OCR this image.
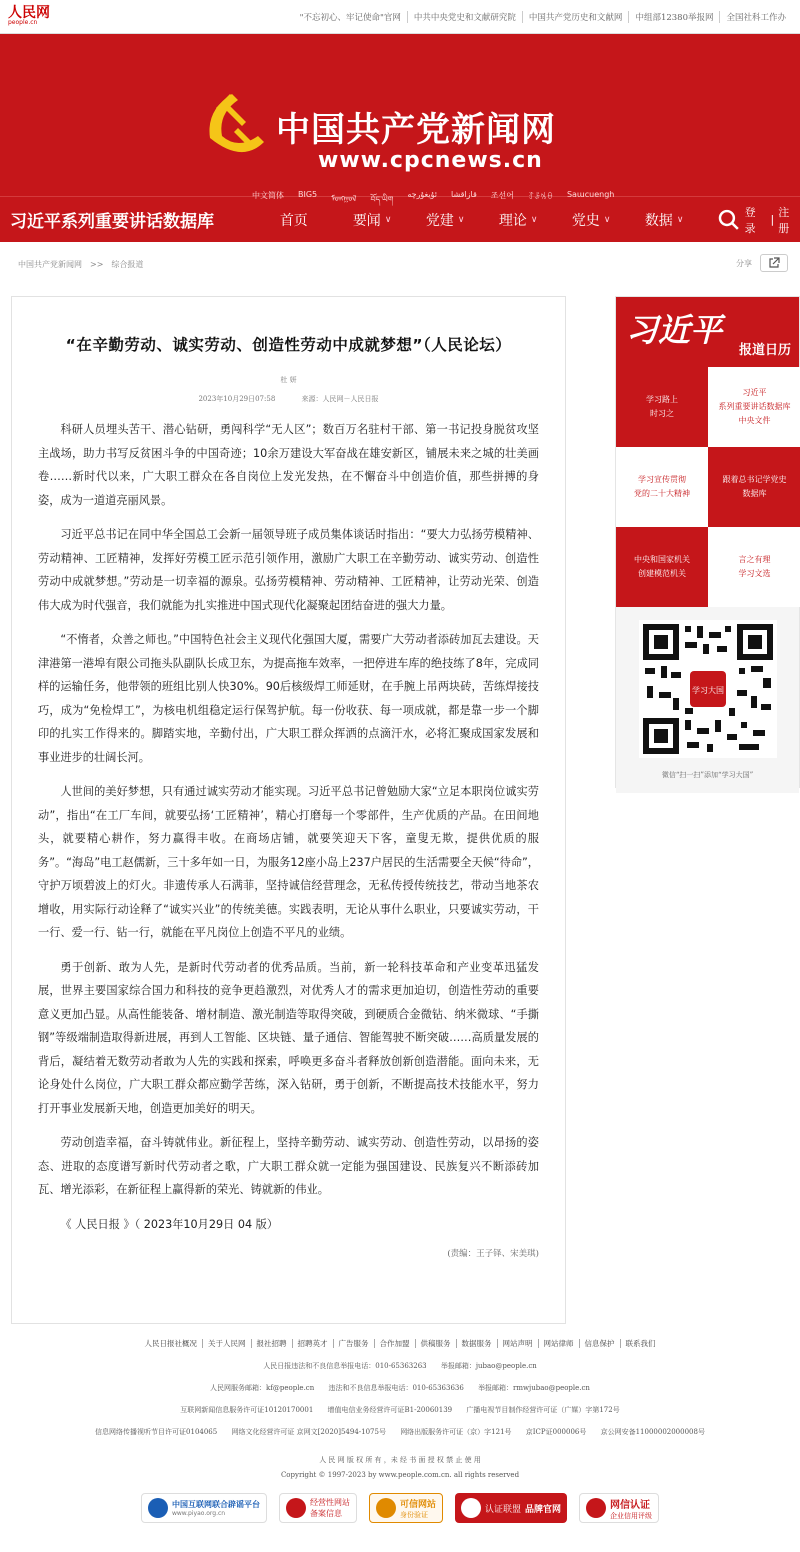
人民网
people.cn	"不忘初心、牢记使命"官网	中共中央党史和文献研究院	中国共产党历史和文献网	中组部12380举报网	全国社科工作办
中国共产党新闻网
www.cpcnews.cn
中文简体 BIG5 ᠮᠣᠩᠭᠣᠯ བོད་ཡིག
ئۇيغۇرچە قازاقشا 조선어 ꆈꌠꁱꂷ Saɯcuengh
习近平系列重要讲话数据库	首页	要闻 ∨ 党建 ∨ 理论 ∨ 党史 ∨ 数据 ∨
登录
|
注册
中国共产党新闻网 >> 综合报道	分享
“在辛勤劳动、诚实劳动、创造性劳动中成就梦想”（人民论坛）
杜 妍
2023年10月29日07:58	来源：人民网－人民日报

科研人员埋头苦干、潜心钻研，勇闯科学“无人区”；数百万名驻村干部、第一书记投身脱贫攻坚主战场，助力书写反贫困斗争的中国奇迹；10余万建设大军奋战在雄安新区，铺展未来之城的壮美画卷……新时代以来，广大职工群众在各自岗位上发光发热，在不懈奋斗中创造价值，那些拼搏的身姿，成为一道道亮丽风景。

习近平总书记在同中华全国总工会新一届领导班子成员集体谈话时指出：“要大力弘扬劳模精神、劳动精神、工匠精神，发挥好劳模工匠示范引领作用，激励广大职工在辛勤劳动、诚实劳动、创造性劳动中成就梦想。”劳动是一切幸福的源泉。弘扬劳模精神、劳动精神、工匠精神，让劳动光荣、创造伟大成为时代强音，我们就能为扎实推进中国式现代化凝聚起团结奋进的强大力量。

“不惰者，众善之师也。”中国特色社会主义现代化强国大厦，需要广大劳动者添砖加瓦去建设。天津港第一港埠有限公司拖头队副队长成卫东，为提高拖车效率，一把停进车库的绝技练了8年，完成同样的运输任务，他带领的班组比别人快30%。90后核级焊工师延财，在手腕上吊两块砖，苦练焊接技巧，成为“免检焊工”，为核电机组稳定运行保驾护航。每一份收获、每一项成就，都是靠一步一个脚印的扎实工作得来的。脚踏实地，辛勤付出，广大职工群众挥洒的点滴汗水，必将汇聚成国家发展和事业进步的壮阔长河。

人世间的美好梦想，只有通过诚实劳动才能实现。习近平总书记曾勉励大家“立足本职岗位诚实劳动”，指出“在工厂车间，就要弘扬‘工匠精神’，精心打磨每一个零部件，生产优质的产品。在田间地头，就要精心耕作，努力赢得丰收。在商场店铺，就要笑迎天下客，童叟无欺，提供优质的服务”。“海岛”电工赵儒新，三十多年如一日，为服务12座小岛上237户居民的生活需要全天候“待命”，守护万顷碧波上的灯火。非遗传承人石满菲，坚持诚信经营理念，无私传授传统技艺，带动当地茶农增收，用实际行动诠释了“诚实兴业”的传统美德。实践表明，无论从事什么职业，只要诚实劳动，干一行、爱一行、钻一行，就能在平凡岗位上创造不平凡的业绩。

勇于创新、敢为人先，是新时代劳动者的优秀品质。当前，新一轮科技革命和产业变革迅猛发展，世界主要国家综合国力和科技的竞争更趋激烈，对优秀人才的需求更加迫切，创造性劳动的重要意义更加凸显。从高性能装备、增材制造、激光制造等取得突破，到硬质合金微钻、纳米微球、“手撕钢”等级端制造取得新进展，再到人工智能、区块链、量子通信、智能驾驶不断突破……高质量发展的背后，凝结着无数劳动者敢为人先的实践和探索，呼唤更多奋斗者释放创新创造潜能。面向未来，无论身处什么岗位，广大职工群众都应勤学苦练，深入钻研，勇于创新，不断提高技术技能水平，努力打开事业发展新天地，创造更加美好的明天。

劳动创造幸福，奋斗铸就伟业。新征程上，坚持辛勤劳动、诚实劳动、创造性劳动，以昂扬的姿态、进取的态度谱写新时代劳动者之歌，广大职工群众就一定能为强国建设、民族复兴不断添砖加瓦、增光添彩，在新征程上赢得新的荣光、铸就新的伟业。

《 人民日报 》（ 2023年10月29日 04 版）

(责编：王子铎、宋美琪)
习近平
报道日历
学习路上
时习之
习近平
系列重要讲话数据库
中央文件
学习宣传贯彻
党的二十大精神
跟着总书记学党史
数据库
中央和国家机关
创建模范机关
言之有理
学习文选
学习大国
微信“扫一扫”添加“学习大国”
人民日报社概况 关于人民网 报社招聘 招聘英才 广告服务 合作加盟 供稿服务 数据服务 网站声明 网站律师 信息保护 联系我们
人民日报违法和不良信息举报电话：010-65363263 举报邮箱：jubao@people.cn
人民网服务邮箱：kf@people.cn 违法和不良信息举报电话：010-65363636 举报邮箱：rmwjubao@people.cn
互联网新闻信息服务许可证10120170001 增值电信业务经营许可证B1-20060139 广播电视节目制作经营许可证（广媒）字第172号
信息网络传播视听节目许可证0104065 网络文化经营许可证 京网文[2020]5494-1075号 网络出版服务许可证（京）字121号 京ICP证000006号 京公网安备11000002000008号
人 民 网 版 权 所 有 ，未 经 书 面 授 权 禁 止 使 用
Copyright © 1997-2023 by www.people.com.cn. all rights reserved
中国互联网联合辟谣平台
www.piyao.org.cn
经营性网站
备案信息
可信网站
身份验证	认证联盟 品牌官网	网信认证
企业信用评级
